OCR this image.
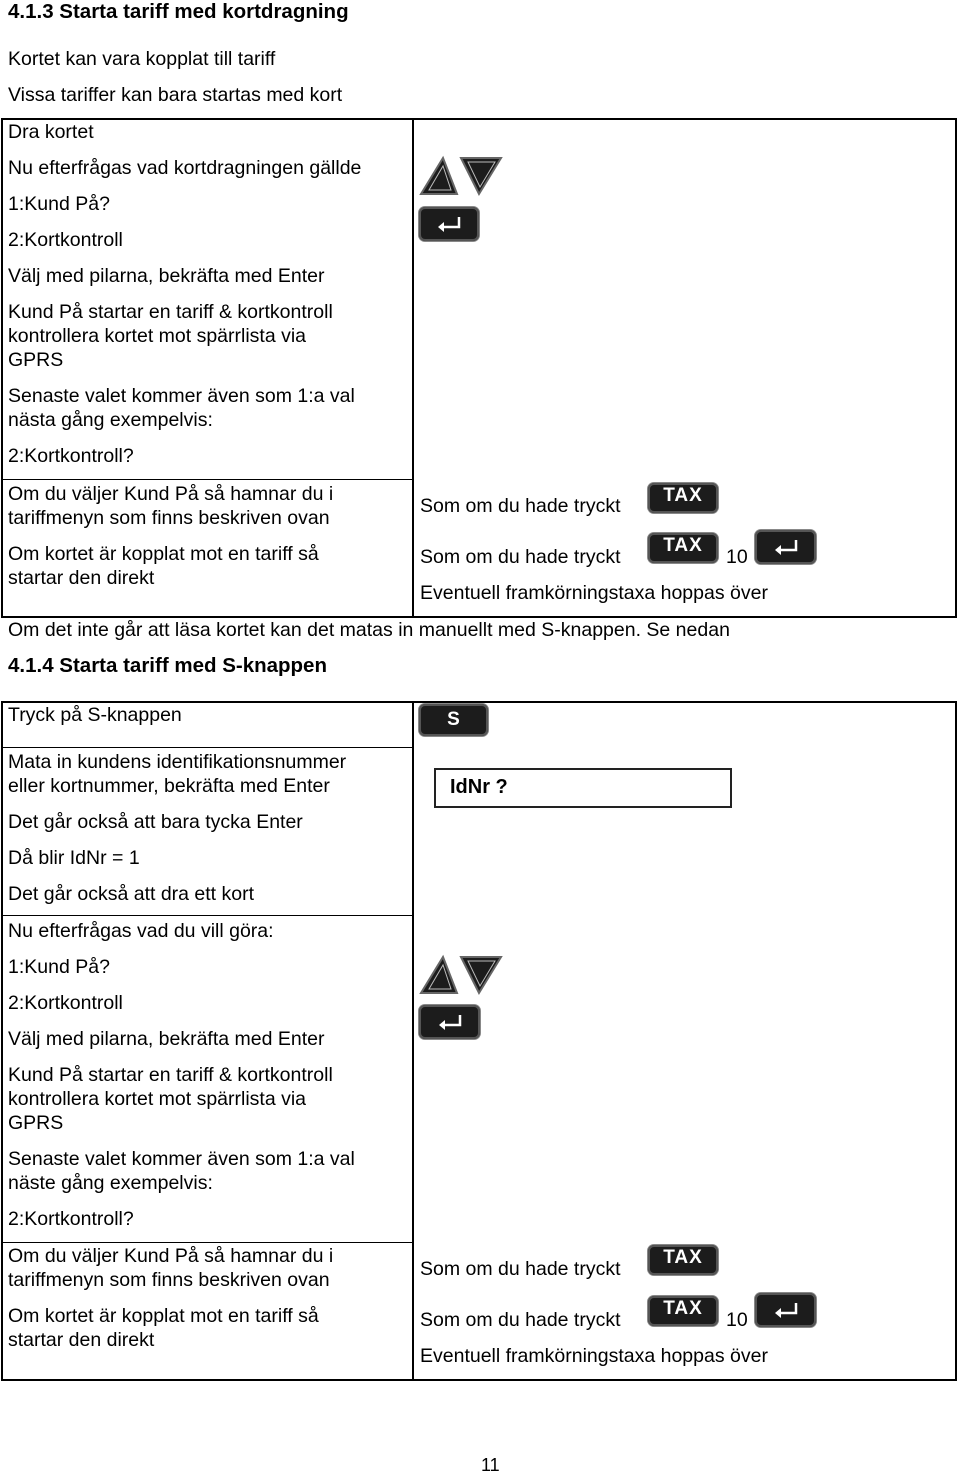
4.1.3 Starta tariff med kortdragning
Kortet kan vara kopplat till tariff
Vissa tariffer kan bara startas med kort
Dra kortet
Nu efterfrågas vad kortdragningen gällde
1:Kund På?
2:Kortkontroll
Välj med pilarna, bekräfta med Enter
Kund På startar en tariff & kortkontroll
kontrollera kortet mot spärrlista via
GPRS
Senaste valet kommer även som 1:a val
nästa gång exempelvis:
2:Kortkontroll?
Om du väljer Kund På så hamnar du i
tariffmenyn som finns beskriven ovan
Om kortet är kopplat mot en tariff så
startar den direkt
Som om du hade tryckt	TAX
Som om du hade tryckt
TAX
10
Eventuell framkörningstaxa hoppas över
Om det inte går att läsa kortet kan det matas in manuellt med S-knappen. Se nedan
4.1.4 Starta tariff med S-knappen
Tryck på S-knappen	S
Mata in kundens identifikationsnummer
eller kortnummer, bekräfta med Enter
Det går också att bara tycka Enter
Då blir IdNr = 1
Det går också att dra ett kort
IdNr ?
Nu efterfrågas vad du vill göra:
1:Kund På?
2:Kortkontroll
Välj med pilarna, bekräfta med Enter
Kund På startar en tariff & kortkontroll
kontrollera kortet mot spärrlista via
GPRS
Senaste valet kommer även som 1:a val
näste gång exempelvis:
2:Kortkontroll?
Om du väljer Kund På så hamnar du i
tariffmenyn som finns beskriven ovan
Om kortet är kopplat mot en tariff så
startar den direkt
Som om du hade tryckt
TAX
Som om du hade tryckt
TAX
10
Eventuell framkörningstaxa hoppas över
11
